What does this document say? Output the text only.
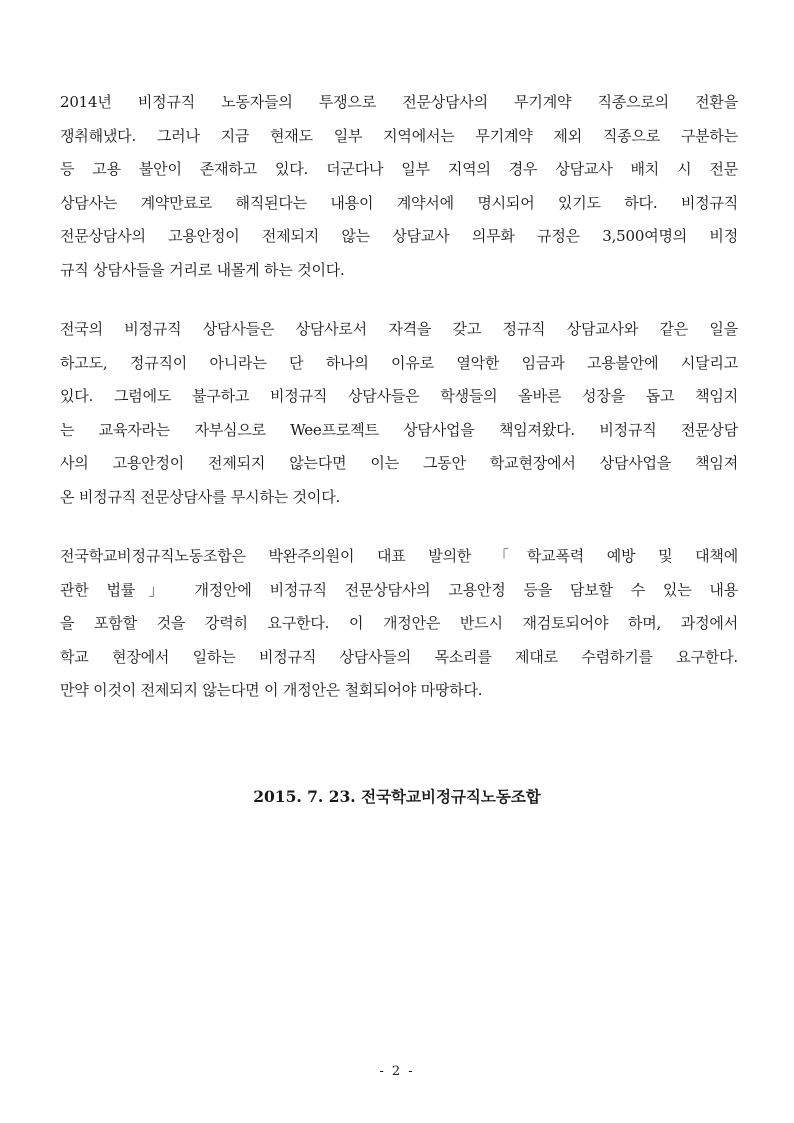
2014년 비정규직 노동자들의 투쟁으로 전문상담사의 무기계약 직종으로의 전환을
쟁취해냈다. 그러나 지금 현재도 일부 지역에서는 무기계약 제외 직종으로 구분하는
등 고용 불안이 존재하고 있다. 더군다나 일부 지역의 경우 상담교사 배치 시 전문
상담사는 계약만료로 해직된다는 내용이 계약서에 명시되어 있기도 하다. 비정규직
전문상담사의 고용안정이 전제되지 않는 상담교사 의무화 규정은 3,500여명의 비정
규직 상담사들을 거리로 내몰게 하는 것이다.
전국의 비정규직 상담사들은 상담사로서 자격을 갖고 정규직 상담교사와 같은 일을
하고도, 정규직이 아니라는 단 하나의 이유로 열악한 임금과 고용불안에 시달리고
있다. 그럼에도 불구하고 비정규직 상담사들은 학생들의 올바른 성장을 돕고 책임지
는 교육자라는 자부심으로 Wee프로젝트 상담사업을 책임져왔다. 비정규직 전문상담
사의 고용안정이 전제되지 않는다면 이는 그동안 학교현장에서 상담사업을 책임져
온 비정규직 전문상담사를 무시하는 것이다.
전국학교비정규직노동조합은 박완주의원이 대표 발의한 「학교폭력 예방 및 대책에
관한 법률」 개정안에 비정규직 전문상담사의 고용안정 등을 담보할 수 있는 내용
을 포함할 것을 강력히 요구한다. 이 개정안은 반드시 재검토되어야 하며, 과정에서
학교 현장에서 일하는 비정규직 상담사들의 목소리를 제대로 수렴하기를 요구한다.
만약 이것이 전제되지 않는다면 이 개정안은 철회되어야 마땅하다.
2015. 7. 23. 전국학교비정규직노동조합
- 2 -
